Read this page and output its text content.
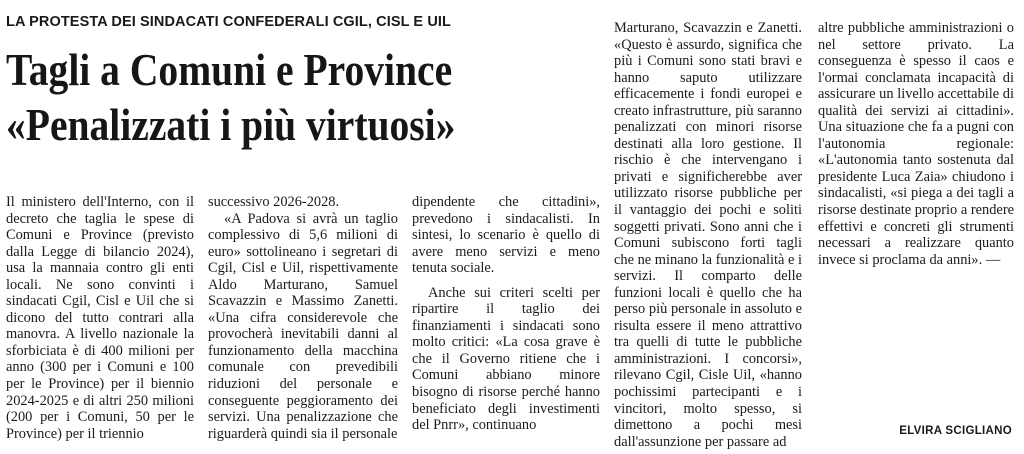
LA PROTESTA DEI SINDACATI CONFEDERALI CGIL, CISL E UIL
Tagli a Comuni e Province
«Penalizzati i più virtuosi»

Il ministero dell'Interno, con il decreto che taglia le spese di Comuni e Province (previsto dalla Legge di bilancio 2024), usa la mannaia contro gli enti locali. Ne sono convinti i sindacati Cgil, Cisl e Uil che si dicono del tutto contrari alla manovra. A livello nazionale la sforbiciata è di 400 milioni per anno (300 per i Comuni e 100 per le Province) per il biennio 2024-2025 e di altri 250 milioni (200 per i Comuni, 50 per le Province) per il triennio

successivo 2026-2028.

«A Padova si avrà un taglio complessivo di 5,6 milioni di euro» sottolineano i segretari di Cgil, Cisl e Uil, rispettivamente Aldo Marturano, Samuel Scavazzin e Massimo Zanetti. «Una cifra considerevole che provocherà inevitabili danni al funzionamento della macchina comunale con prevedibili riduzioni del personale e conseguente peggioramento dei servizi. Una penalizzazione che riguarderà quindi sia il personale

dipendente che cittadini», prevedono i sindacalisti. In sintesi, lo scenario è quello di avere meno servizi e meno tenuta sociale.

Anche sui criteri scelti per ripartire il taglio dei finanziamenti i sindacati sono molto critici: «La cosa grave è che il Governo ritiene che i Comuni abbiano minore bisogno di risorse perché hanno beneficiato degli investimenti del Pnrr», continuano

Marturano, Scavazzin e Zanetti. «Questo è assurdo, significa che più i Comuni sono stati bravi e hanno saputo utilizzare efficacemente i fondi europei e creato infrastrutture, più saranno penalizzati con minori risorse destinati alla loro gestione. Il rischio è che intervengano i privati e significherebbe aver utilizzato risorse pubbliche per il vantaggio dei pochi e soliti soggetti privati. Sono anni che i Comuni subiscono forti tagli che ne minano la funzionalità e i servizi. Il comparto delle funzioni locali è quello che ha perso più personale in assoluto e risulta essere il meno attrattivo tra quelli di tutte le pubbliche amministrazioni. I concorsi», rilevano Cgil, Cisle Uil, «hanno pochissimi partecipanti e i vincitori, molto spesso, si dimettono a pochi mesi dall'assunzione per passare ad

altre pubbliche amministrazioni o nel settore privato. La conseguenza è spesso il caos e l'ormai conclamata incapacità di assicurare un livello accettabile di qualità dei servizi ai cittadini». Una situazione che fa a pugni con l'autonomia regionale: «L'autonomia tanto sostenuta dal presidente Luca Zaia» chiudono i sindacalisti, «si piega a dei tagli a risorse destinate proprio a rendere effettivi e concreti gli strumenti necessari a realizzare quanto invece si proclama da anni». —

ELVIRA SCIGLIANO
